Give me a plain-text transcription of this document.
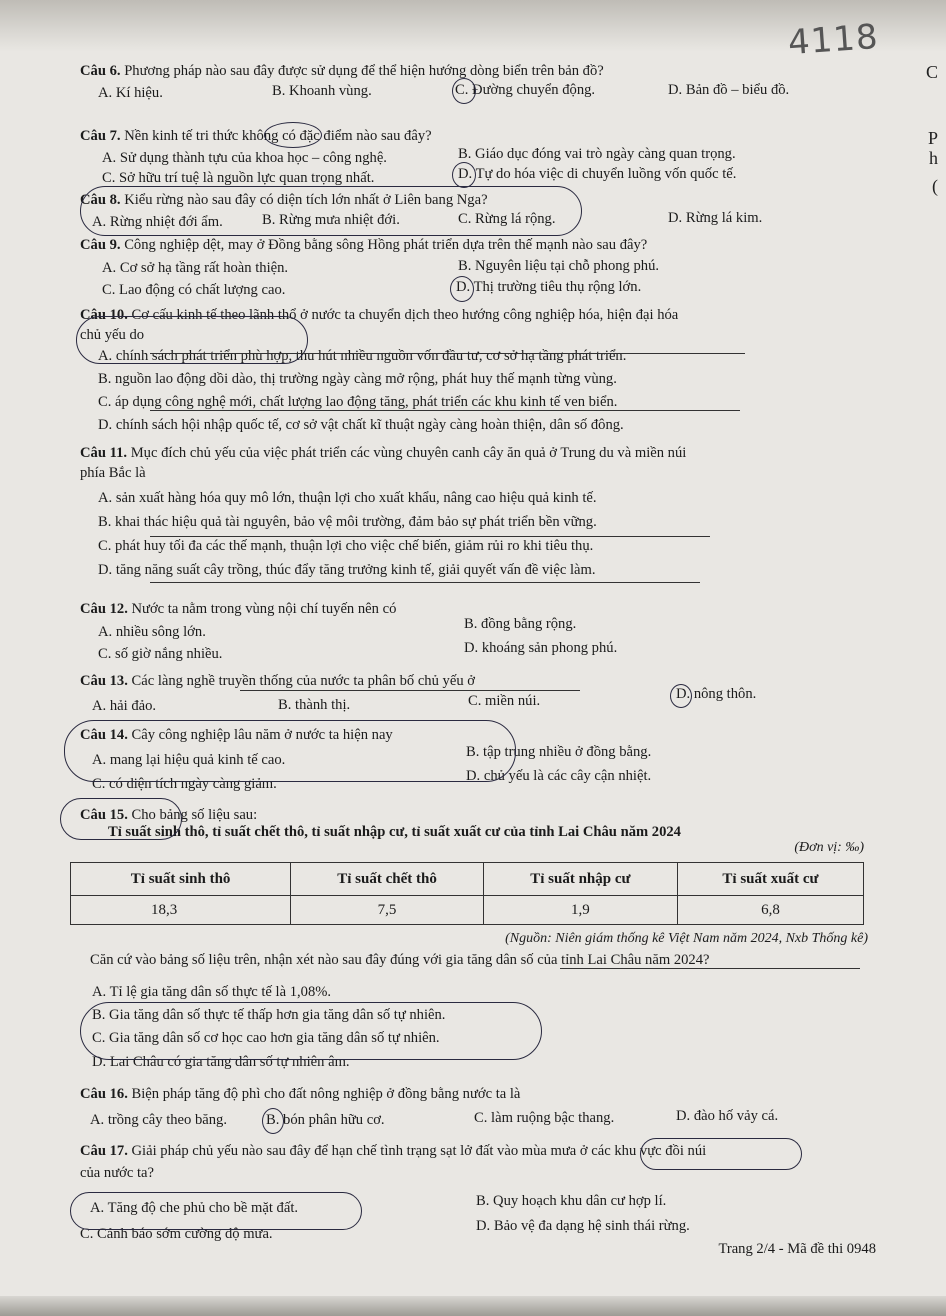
4118
C
P
h
(
Câu 6. Phương pháp nào sau đây được sử dụng để thể hiện hướng dòng biển trên bản đồ?
A. Kí hiệu.	B. Khoanh vùng.	C. Đường chuyển động.	D. Bản đồ – biểu đồ.
Câu 7. Nền kinh tế tri thức không có đặc điểm nào sau đây?
A. Sử dụng thành tựu của khoa học – công nghệ.	B. Giáo dục đóng vai trò ngày càng quan trọng.
C. Sở hữu trí tuệ là nguồn lực quan trọng nhất.	D. Tự do hóa việc di chuyển luồng vốn quốc tế.
Câu 8. Kiểu rừng nào sau đây có diện tích lớn nhất ở Liên bang Nga?
A. Rừng nhiệt đới ẩm.	B. Rừng mưa nhiệt đới.	C. Rừng lá rộng.	D. Rừng lá kim.
Câu 9. Công nghiệp dệt, may ở Đồng bằng sông Hồng phát triển dựa trên thế mạnh nào sau đây?
A. Cơ sở hạ tầng rất hoàn thiện.	B. Nguyên liệu tại chỗ phong phú.
C. Lao động có chất lượng cao.	D. Thị trường tiêu thụ rộng lớn.
Câu 10. Cơ cấu kinh tế theo lãnh thổ ở nước ta chuyển dịch theo hướng công nghiệp hóa, hiện đại hóa
chủ yếu do
A. chính sách phát triển phù hợp, thu hút nhiều nguồn vốn đầu tư, cơ sở hạ tầng phát triển.
B. nguồn lao động dồi dào, thị trường ngày càng mở rộng, phát huy thế mạnh từng vùng.
C. áp dụng công nghệ mới, chất lượng lao động tăng, phát triển các khu kinh tế ven biển.
D. chính sách hội nhập quốc tế, cơ sở vật chất kĩ thuật ngày càng hoàn thiện, dân số đông.
Câu 11. Mục đích chủ yếu của việc phát triển các vùng chuyên canh cây ăn quả ở Trung du và miền núi
phía Bắc là
A. sản xuất hàng hóa quy mô lớn, thuận lợi cho xuất khẩu, nâng cao hiệu quả kinh tế.
B. khai thác hiệu quả tài nguyên, bảo vệ môi trường, đảm bảo sự phát triển bền vững.
C. phát huy tối đa các thế mạnh, thuận lợi cho việc chế biến, giảm rủi ro khi tiêu thụ.
D. tăng năng suất cây trồng, thúc đẩy tăng trưởng kinh tế, giải quyết vấn đề việc làm.
Câu 12. Nước ta nằm trong vùng nội chí tuyến nên có
A. nhiều sông lớn.	B. đồng bằng rộng.
C. số giờ nắng nhiều.	D. khoáng sản phong phú.
Câu 13. Các làng nghề truyền thống của nước ta phân bố chủ yếu ở
A. hải đảo.	B. thành thị.	C. miền núi.	D. nông thôn.
Câu 14. Cây công nghiệp lâu năm ở nước ta hiện nay
A. mang lại hiệu quả kinh tế cao.	B. tập trung nhiều ở đồng bằng.
C. có diện tích ngày càng giảm.	D. chủ yếu là các cây cận nhiệt.
Câu 15. Cho bảng số liệu sau:
Tỉ suất sinh thô, tỉ suất chết thô, tỉ suất nhập cư, tỉ suất xuất cư của tỉnh Lai Châu năm 2024
(Đơn vị: ‰)
Tỉ suất sinh thô	Tỉ suất chết thô	Tỉ suất nhập cư	Tỉ suất xuất cư
18,3	7,5	1,9	6,8
(Nguồn: Niên giám thống kê Việt Nam năm 2024, Nxb Thống kê)
Căn cứ vào bảng số liệu trên, nhận xét nào sau đây đúng với gia tăng dân số của tỉnh Lai Châu năm 2024?
A. Tỉ lệ gia tăng dân số thực tế là 1,08%.
B. Gia tăng dân số thực tế thấp hơn gia tăng dân số tự nhiên.
C. Gia tăng dân số cơ học cao hơn gia tăng dân số tự nhiên.
D. Lai Châu có gia tăng dân số tự nhiên âm.
Câu 16. Biện pháp tăng độ phì cho đất nông nghiệp ở đồng bằng nước ta là
A. trồng cây theo băng.	B. bón phân hữu cơ.	C. làm ruộng bậc thang.	D. đào hố vảy cá.
Câu 17. Giải pháp chủ yếu nào sau đây để hạn chế tình trạng sạt lở đất vào mùa mưa ở các khu vực đồi núi
của nước ta?
A. Tăng độ che phủ cho bề mặt đất.	B. Quy hoạch khu dân cư hợp lí.
C. Cảnh báo sớm cường độ mưa.	D. Bảo vệ đa dạng hệ sinh thái rừng.
Trang 2/4 - Mã đề thi 0948
